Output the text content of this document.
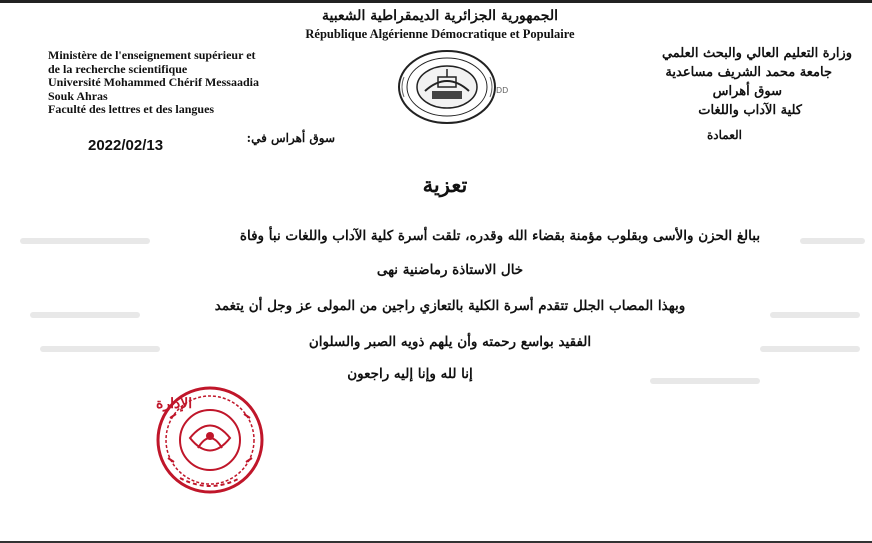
الجمهورية الجزائرية الديمقراطية الشعبية
République Algérienne Démocratique et Populaire
Ministère de l'enseignement supérieur et
de la recherche scientifique
Université Mohammed Chérif Messaadia
Souk Ahras
Faculté des lettres et des langues
DD
وزارة التعليم العالي والبحث العلمي
جامعة محمد الشريف مساعدية
سوق أهراس
كلية الآداب واللغات
العمادة
سوق أهراس في:
2022/02/13
تعزية
ببالغ الحزن والأسى وبقلوب مؤمنة بقضاء الله وقدره، تلقت أسرة كلية الآداب واللغات نبأ وفاة
خال الاستاذة رماضنية نهى
وبهذا المصاب الجلل تتقدم أسرة الكلية بالتعازي راجين من المولى عز وجل أن يتغمد
الفقيد بواسع رحمته وأن يلهم ذويه الصبر والسلوان
إنا لله وإنا إليه راجعون
الإدارة
